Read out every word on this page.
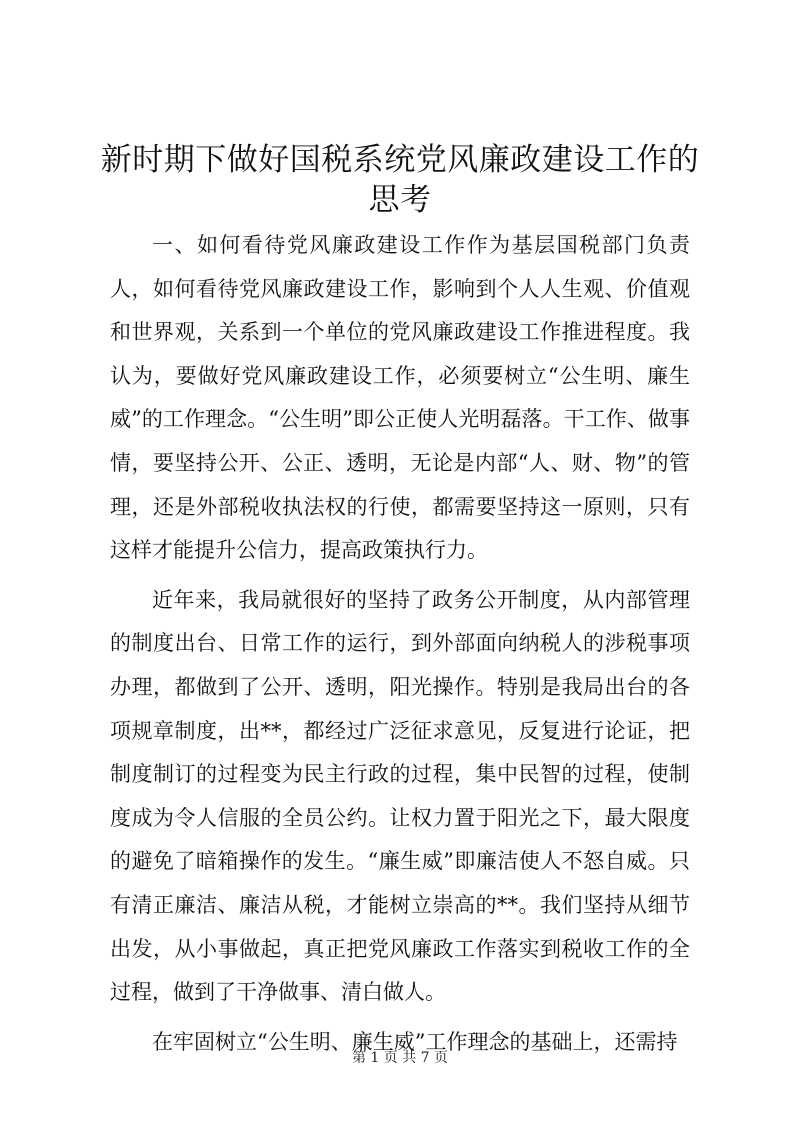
新时期下做好国税系统党风廉政建设工作的思考

一、如何看待党风廉政建设工作作为基层国税部门负责人，如何看待党风廉政建设工作，影响到个人人生观、价值观和世界观，关系到一个单位的党风廉政建设工作推进程度。我认为，要做好党风廉政建设工作，必须要树立“公生明、廉生威”的工作理念。“公生明”即公正使人光明磊落。干工作、做事情，要坚持公开、公正、透明，无论是内部“人、财、物”的管理，还是外部税收执法权的行使，都需要坚持这一原则，只有这样才能提升公信力，提高政策执行力。

近年来，我局就很好的坚持了政务公开制度，从内部管理的制度出台、日常工作的运行，到外部面向纳税人的涉税事项办理，都做到了公开、透明，阳光操作。特别是我局出台的各项规章制度，出**，都经过广泛征求意见，反复进行论证，把制度制订的过程变为民主行政的过程，集中民智的过程，使制度成为令人信服的全员公约。让权力置于阳光之下，最大限度的避免了暗箱操作的发生。“廉生威”即廉洁使人不怒自威。只有清正廉洁、廉洁从税，才能树立崇高的**。我们坚持从细节出发，从小事做起，真正把党风廉政工作落实到税收工作的全过程，做到了干净做事、清白做人。

在牢固树立“公生明、廉生威”工作理念的基础上，还需持

第 1 页 共 7 页
